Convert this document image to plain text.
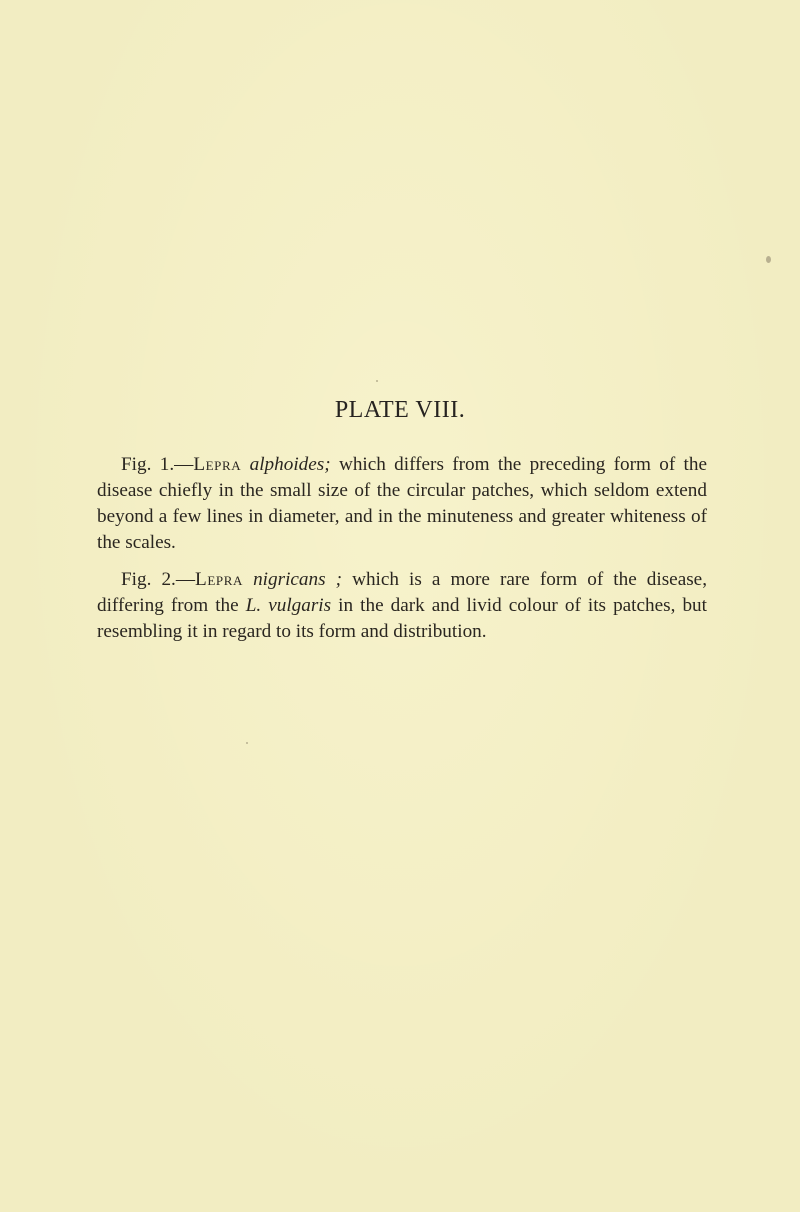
PLATE VIII.

Fig. 1.—Lepra alphoides; which differs from the preceding form of the disease chiefly in the small size of the circular patches, which seldom extend beyond a few lines in diameter, and in the minuteness and greater whiteness of the scales.

Fig. 2.—Lepra nigricans ; which is a more rare form of the disease, differing from the L. vulgaris in the dark and livid colour of its patches, but resembling it in regard to its form and distribution.
